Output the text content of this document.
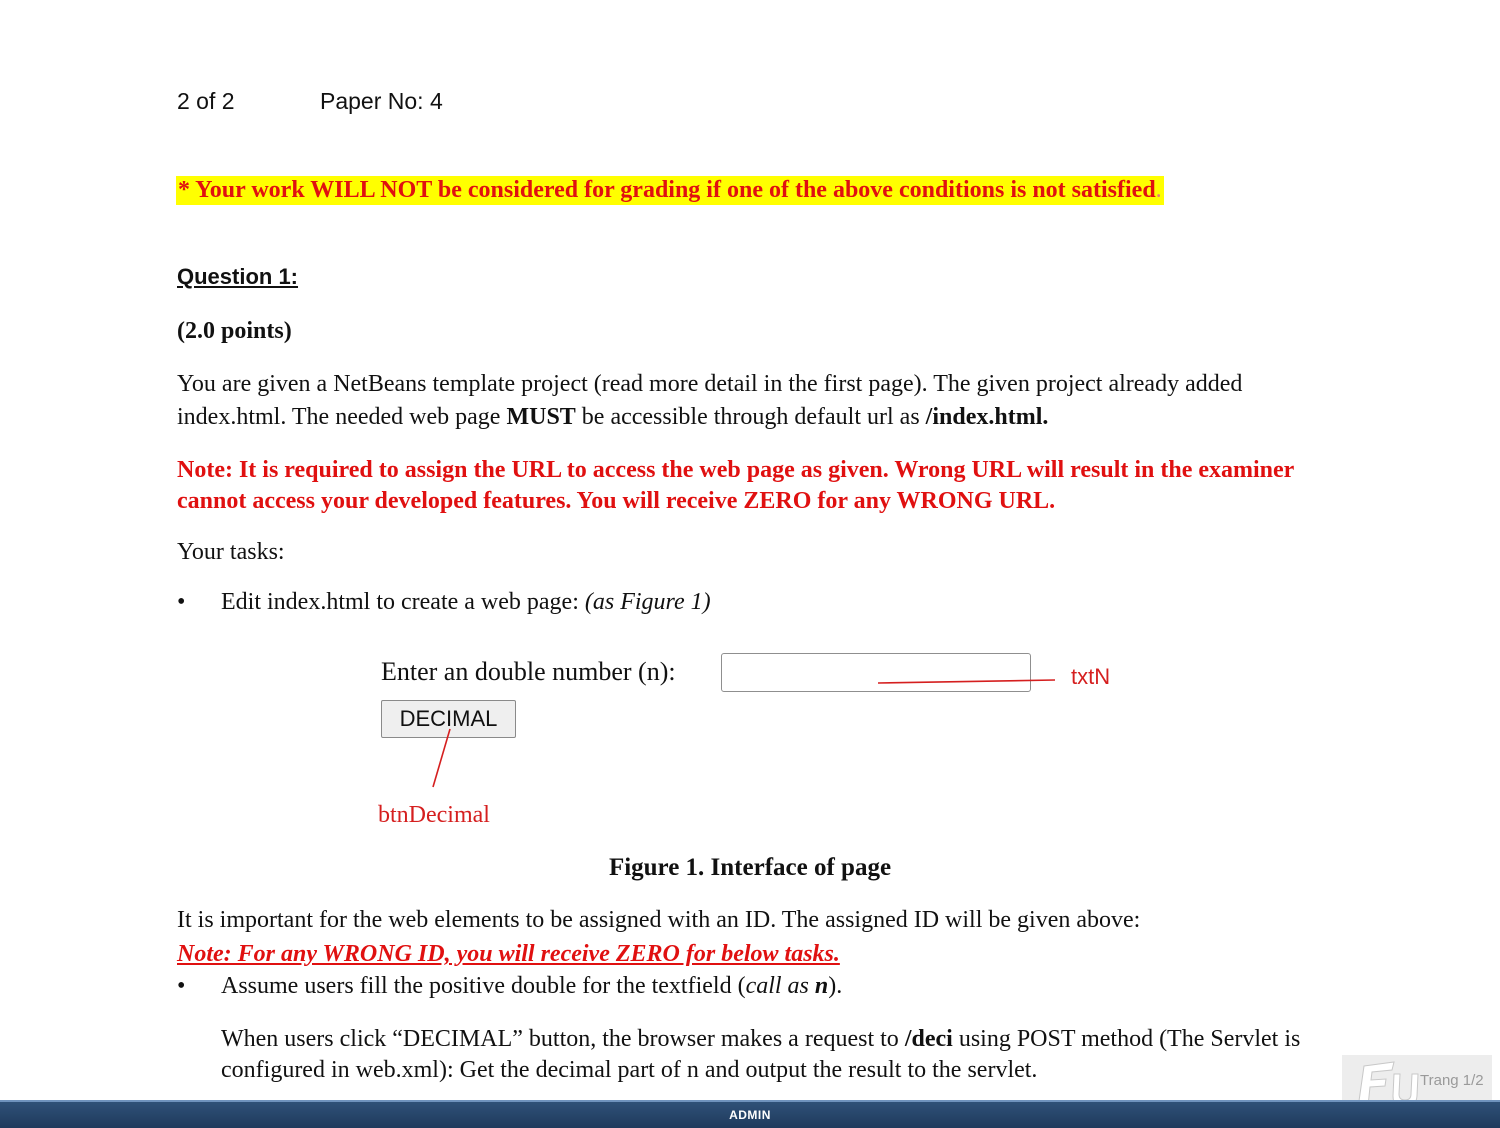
2 of 2	Paper No: 4
* Your work WILL NOT be considered for grading if one of the above conditions is not satisfied.
Question 1:
(2.0 points)
You are given a NetBeans template project (read more detail in the first page). The given project already added index.html. The needed web page MUST be accessible through default url as /index.html.
Note: It is required to assign the URL to access the web page as given. Wrong URL will result in the examiner cannot access your developed features. You will receive ZERO for any WRONG URL.
Your tasks:
• Edit index.html to create a web page: (as Figure 1)
Enter an double number (n):
DECIMAL
txtN
btnDecimal
Figure 1. Interface of page
It is important for the web elements to be assigned with an ID. The assigned ID will be given above:
Note: For any WRONG ID, you will receive ZERO for below tasks.
• Assume users fill the positive double for the textfield (call as n).
When users click “DECIMAL” button, the browser makes a request to /deci using POST method (The Servlet is configured in web.xml): Get the decimal part of n and output the result to the servlet.	Trang 1/2
ADMIN
